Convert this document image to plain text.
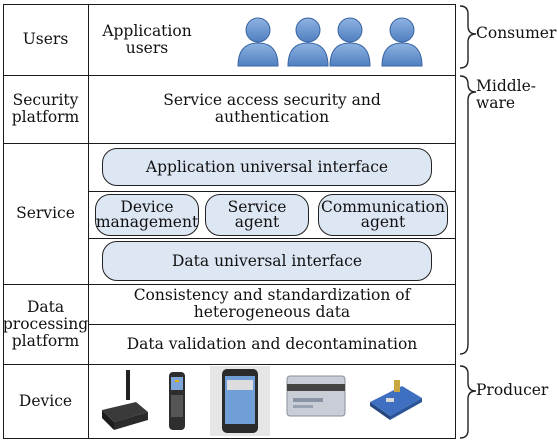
Users
Security
platform
Service
Data
processing
platform
Device
Application
users
Service access security and
authentication
Application universal interface
Device
management
Service
agent
Communication
agent
Data universal interface
Consistency and standardization of
heterogeneous data
Data validation and decontamination
Consumer
Middle-
ware
Producer
